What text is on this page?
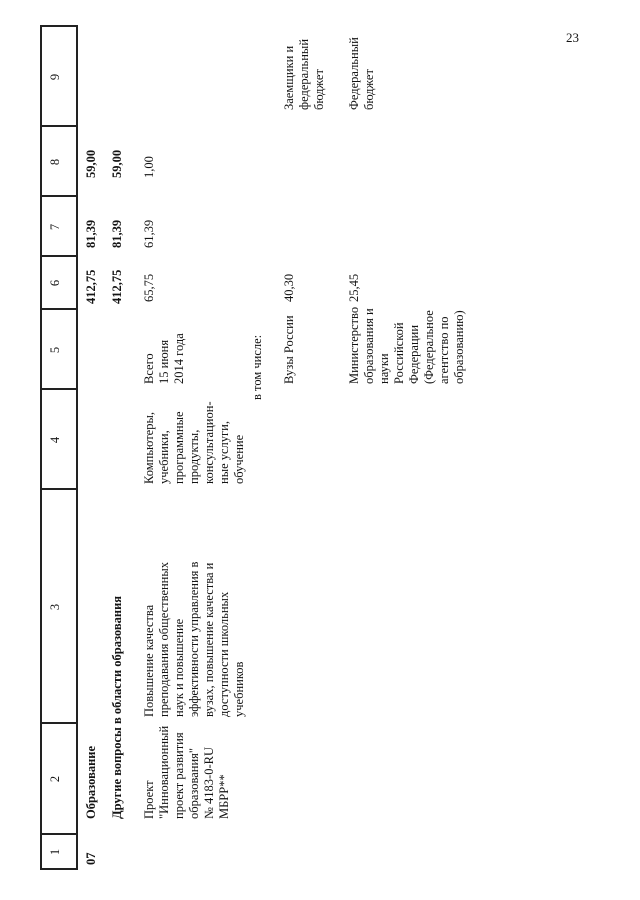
23
1
2
3
4
5
6
7
8
9
07
Образование
412,75
81,39
59,00
Другие вопросы в области образования
412,75
81,39
59,00
Проект "Инновационный проект развития образования" № 4183-0-RU МБРР**
Повышение качества преподавания общественных наук и повышение эффективности управления в вузах, повышение качества и доступности школьных учебников
Компьютеры, учебники, программные продукты, консультацион- ные услуги, обучение
Всего 15 июня 2014 года
65,75
61,39
1,00
в том числе: Вузы России
40,30
Заемщики и федеральный бюджет
Министерство образования и науки Российской Федерации (Федеральное агентство по образованию)
25,45
Федеральный бюджет
